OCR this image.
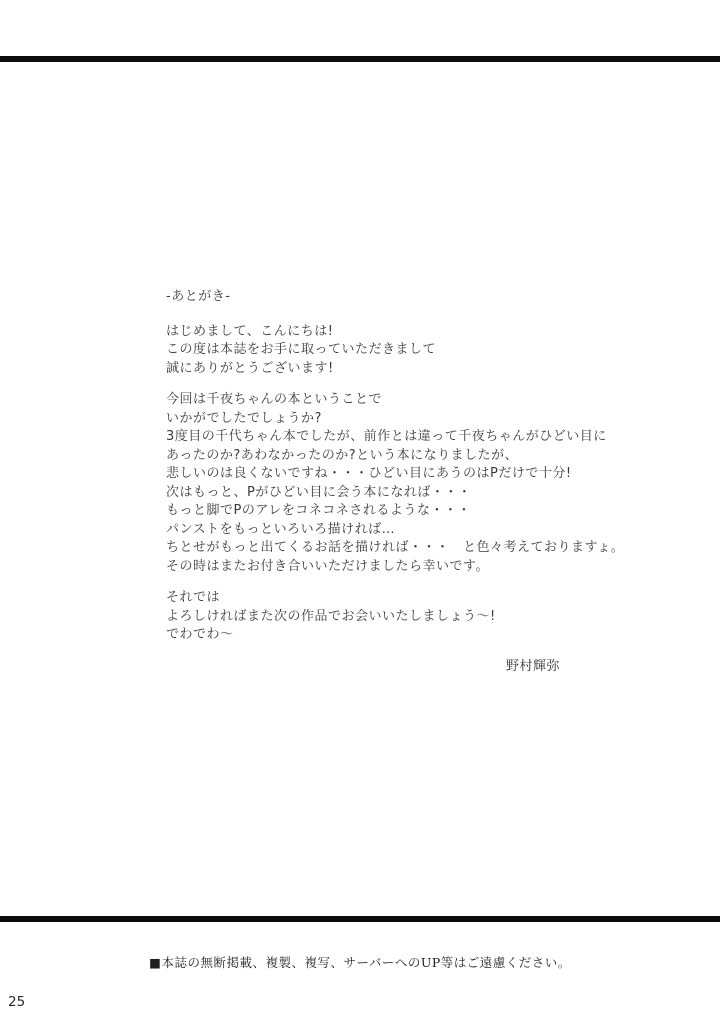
-あとがき-
はじめまして、こんにちは!
この度は本誌をお手に取っていただきまして
誠にありがとうございます!
今回は千夜ちゃんの本ということで
いかがでしたでしょうか?
3度目の千代ちゃん本でしたが、前作とは違って千夜ちゃんがひどい目に
あったのか?あわなかったのか?という本になりましたが、
悲しいのは良くないですね・・・ひどい目にあうのはPだけで十分!
次はもっと、Pがひどい目に会う本になれば・・・
もっと脚でPのアレをコネコネされるような・・・
パンストをもっといろいろ描ければ…
ちとせがもっと出てくるお話を描ければ・・・　と色々考えておりますょ。
その時はまたお付き合いいただけましたら幸いです。
それでは
よろしければまた次の作品でお会いいたしましょう〜!
でわでわ〜
野村輝弥
■本誌の無断掲載、複製、複写、サーバーへのUP等はご遠慮ください。
25
